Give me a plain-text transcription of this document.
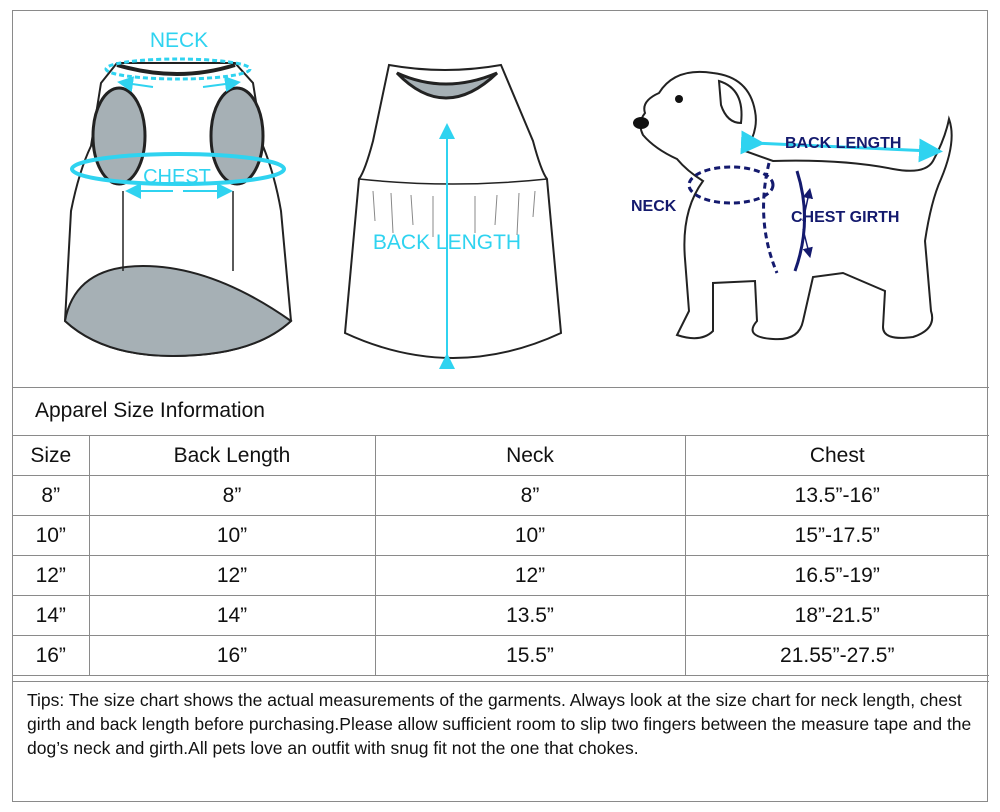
NECK
CHEST
BACK LENGTH
BACK LENGTH
NECK
CHEST GIRTH
Apparel Size Information
Size	Back Length	Neck	Chest
8”	8”	8”	13.5”-16”
10”	10”	10”	15”-17.5”
12”	12”	12”	16.5”-19”
14”	14”	13.5”	18”-21.5”
16”	16”	15.5”	21.55”-27.5”
Tips: The size chart shows the actual measurements of the garments. Always look at the size chart for neck length, chest girth and back length before purchasing.Please allow sufficient room to slip two fingers between the measure tape and the dog’s neck and girth.All pets love an outfit with snug fit not the one that chokes.
